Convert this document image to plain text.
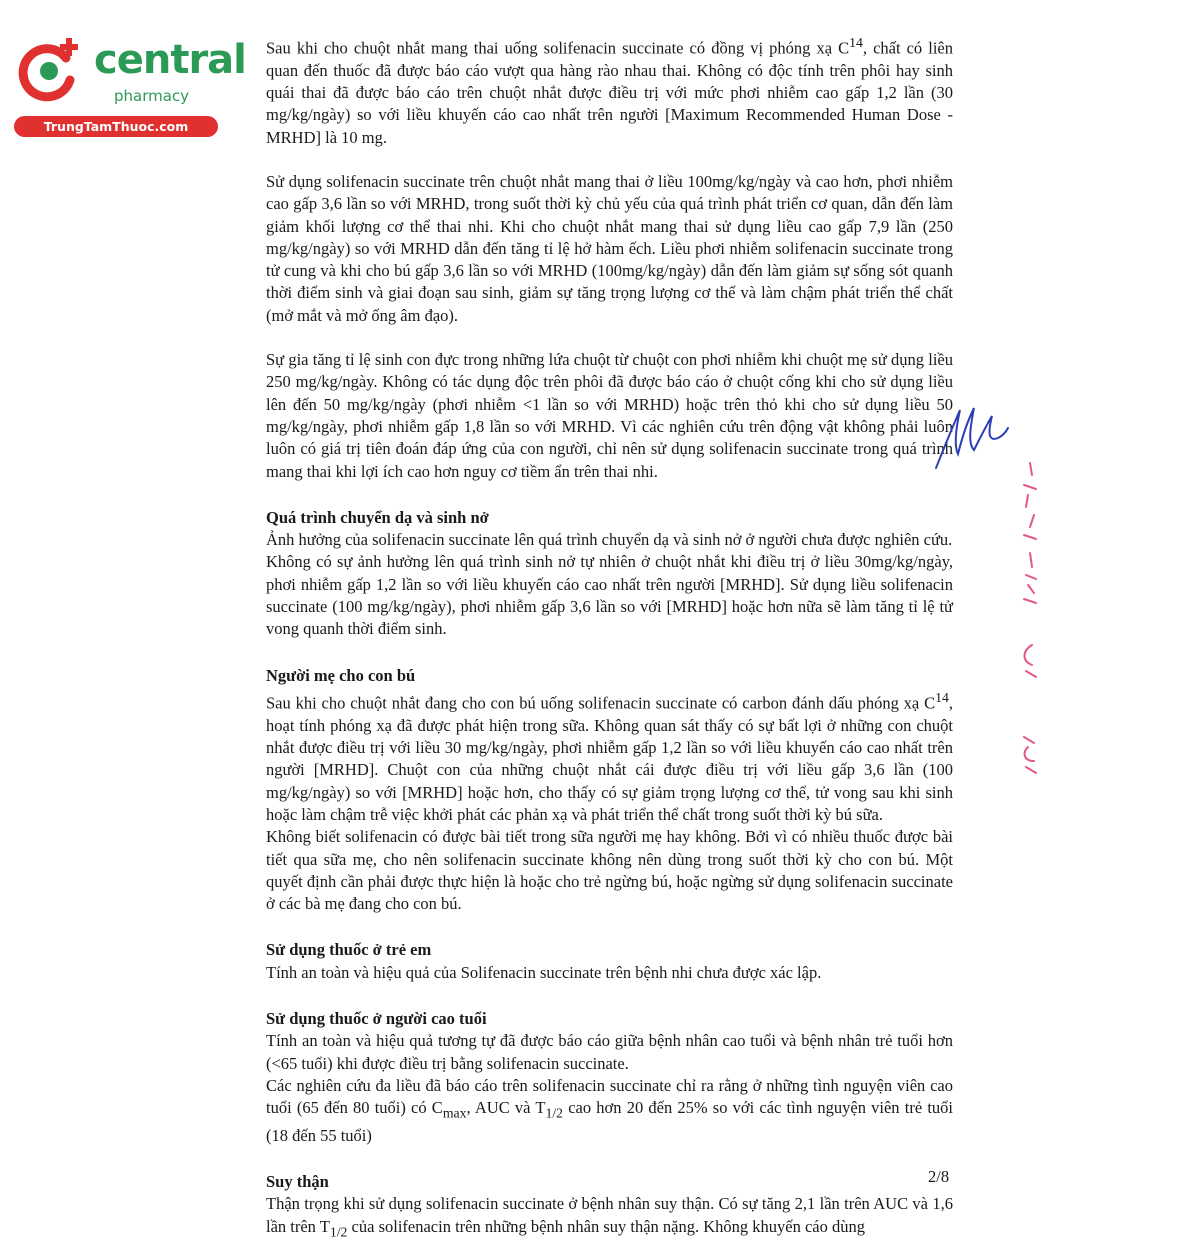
central
pharmacy
TrungTamThuoc.com

Sau khi cho chuột nhắt mang thai uống solifenacin succinate có đồng vị phóng xạ $C^{14}$, chất có liên quan đến thuốc đã được báo cáo vượt qua hàng rào nhau thai. Không có độc tính trên phôi hay sinh quái thai đã được báo cáo trên chuột nhắt được điều trị với mức phơi nhiễm cao gấp 1,2 lần (30 mg/kg/ngày) so với liều khuyến cáo cao nhất trên người [Maximum Recommended Human Dose - MRHD] là 10 mg.

Sử dụng solifenacin succinate trên chuột nhắt mang thai ở liều 100mg/kg/ngày và cao hơn, phơi nhiễm cao gấp 3,6 lần so với MRHD, trong suốt thời kỳ chủ yếu của quá trình phát triển cơ quan, dẫn đến làm giảm khối lượng cơ thể thai nhi. Khi cho chuột nhắt mang thai sử dụng liều cao gấp 7,9 lần (250 mg/kg/ngày) so với MRHD dẫn đến tăng tỉ lệ hở hàm ếch. Liều phơi nhiễm solifenacin succinate trong tử cung và khi cho bú gấp 3,6 lần so với MRHD (100mg/kg/ngày) dẫn đến làm giảm sự sống sót quanh thời điểm sinh và giai đoạn sau sinh, giảm sự tăng trọng lượng cơ thể và làm chậm phát triển thể chất (mở mắt và mở ống âm đạo).

Sự gia tăng tỉ lệ sinh con đực trong những lứa chuột từ chuột con phơi nhiễm khi chuột mẹ sử dụng liều 250 mg/kg/ngày. Không có tác dụng độc trên phôi đã được báo cáo ở chuột cống khi cho sử dụng liều lên đến 50 mg/kg/ngày (phơi nhiễm <1 lần so với MRHD) hoặc trên thỏ khi cho sử dụng liều 50 mg/kg/ngày, phơi nhiễm gấp 1,8 lần so với MRHD. Vì các nghiên cứu trên động vật không phải luôn luôn có giá trị tiên đoán đáp ứng của con người, chỉ nên sử dụng solifenacin succinate trong quá trình mang thai khi lợi ích cao hơn nguy cơ tiềm ẩn trên thai nhi.

Quá trình chuyển dạ và sinh nở

Ảnh hưởng của solifenacin succinate lên quá trình chuyển dạ và sinh nở ở người chưa được nghiên cứu.

Không có sự ảnh hưởng lên quá trình sinh nở tự nhiên ở chuột nhắt khi điều trị ở liều 30mg/kg/ngày, phơi nhiễm gấp 1,2 lần so với liều khuyến cáo cao nhất trên người [MRHD]. Sử dụng liều solifenacin succinate (100 mg/kg/ngày), phơi nhiễm gấp 3,6 lần so với [MRHD] hoặc hơn nữa sẽ làm tăng tỉ lệ tử vong quanh thời điểm sinh.

Người mẹ cho con bú

Sau khi cho chuột nhắt đang cho con bú uống solifenacin succinate có carbon đánh dấu phóng xạ $C^{14}$, hoạt tính phóng xạ đã được phát hiện trong sữa. Không quan sát thấy có sự bất lợi ở những con chuột nhắt được điều trị với liều 30 mg/kg/ngày, phơi nhiễm gấp 1,2 lần so với liều khuyến cáo cao nhất trên người [MRHD]. Chuột con của những chuột nhắt cái được điều trị với liều gấp 3,6 lần (100 mg/kg/ngày) so với [MRHD] hoặc hơn, cho thấy có sự giảm trọng lượng cơ thể, tử vong sau khi sinh hoặc làm chậm trễ việc khởi phát các phản xạ và phát triển thể chất trong suốt thời kỳ bú sữa.

Không biết solifenacin có được bài tiết trong sữa người mẹ hay không. Bởi vì có nhiều thuốc được bài tiết qua sữa mẹ, cho nên solifenacin succinate không nên dùng trong suốt thời kỳ cho con bú. Một quyết định cần phải được thực hiện là hoặc cho trẻ ngừng bú, hoặc ngừng sử dụng solifenacin succinate ở các bà mẹ đang cho con bú.

Sử dụng thuốc ở trẻ em

Tính an toàn và hiệu quả của Solifenacin succinate trên bệnh nhi chưa được xác lập.

Sử dụng thuốc ở người cao tuổi

Tính an toàn và hiệu quả tương tự đã được báo cáo giữa bệnh nhân cao tuổi và bệnh nhân trẻ tuổi hơn (<65 tuổi) khi được điều trị bằng solifenacin succinate.

Các nghiên cứu đa liều đã báo cáo trên solifenacin succinate chỉ ra rằng ở những tình nguyện viên cao tuổi (65 đến 80 tuổi) có $C_{max}$, AUC và $T_{1/2}$ cao hơn 20 đến 25% so với các tình nguyện viên trẻ tuổi (18 đến 55 tuổi)

Suy thận

Thận trọng khi sử dụng solifenacin succinate ở bệnh nhân suy thận. Có sự tăng 2,1 lần trên AUC và 1,6 lần trên $T_{1/2}$ của solifenacin trên những bệnh nhân suy thận nặng. Không khuyến cáo dùng

2/8
